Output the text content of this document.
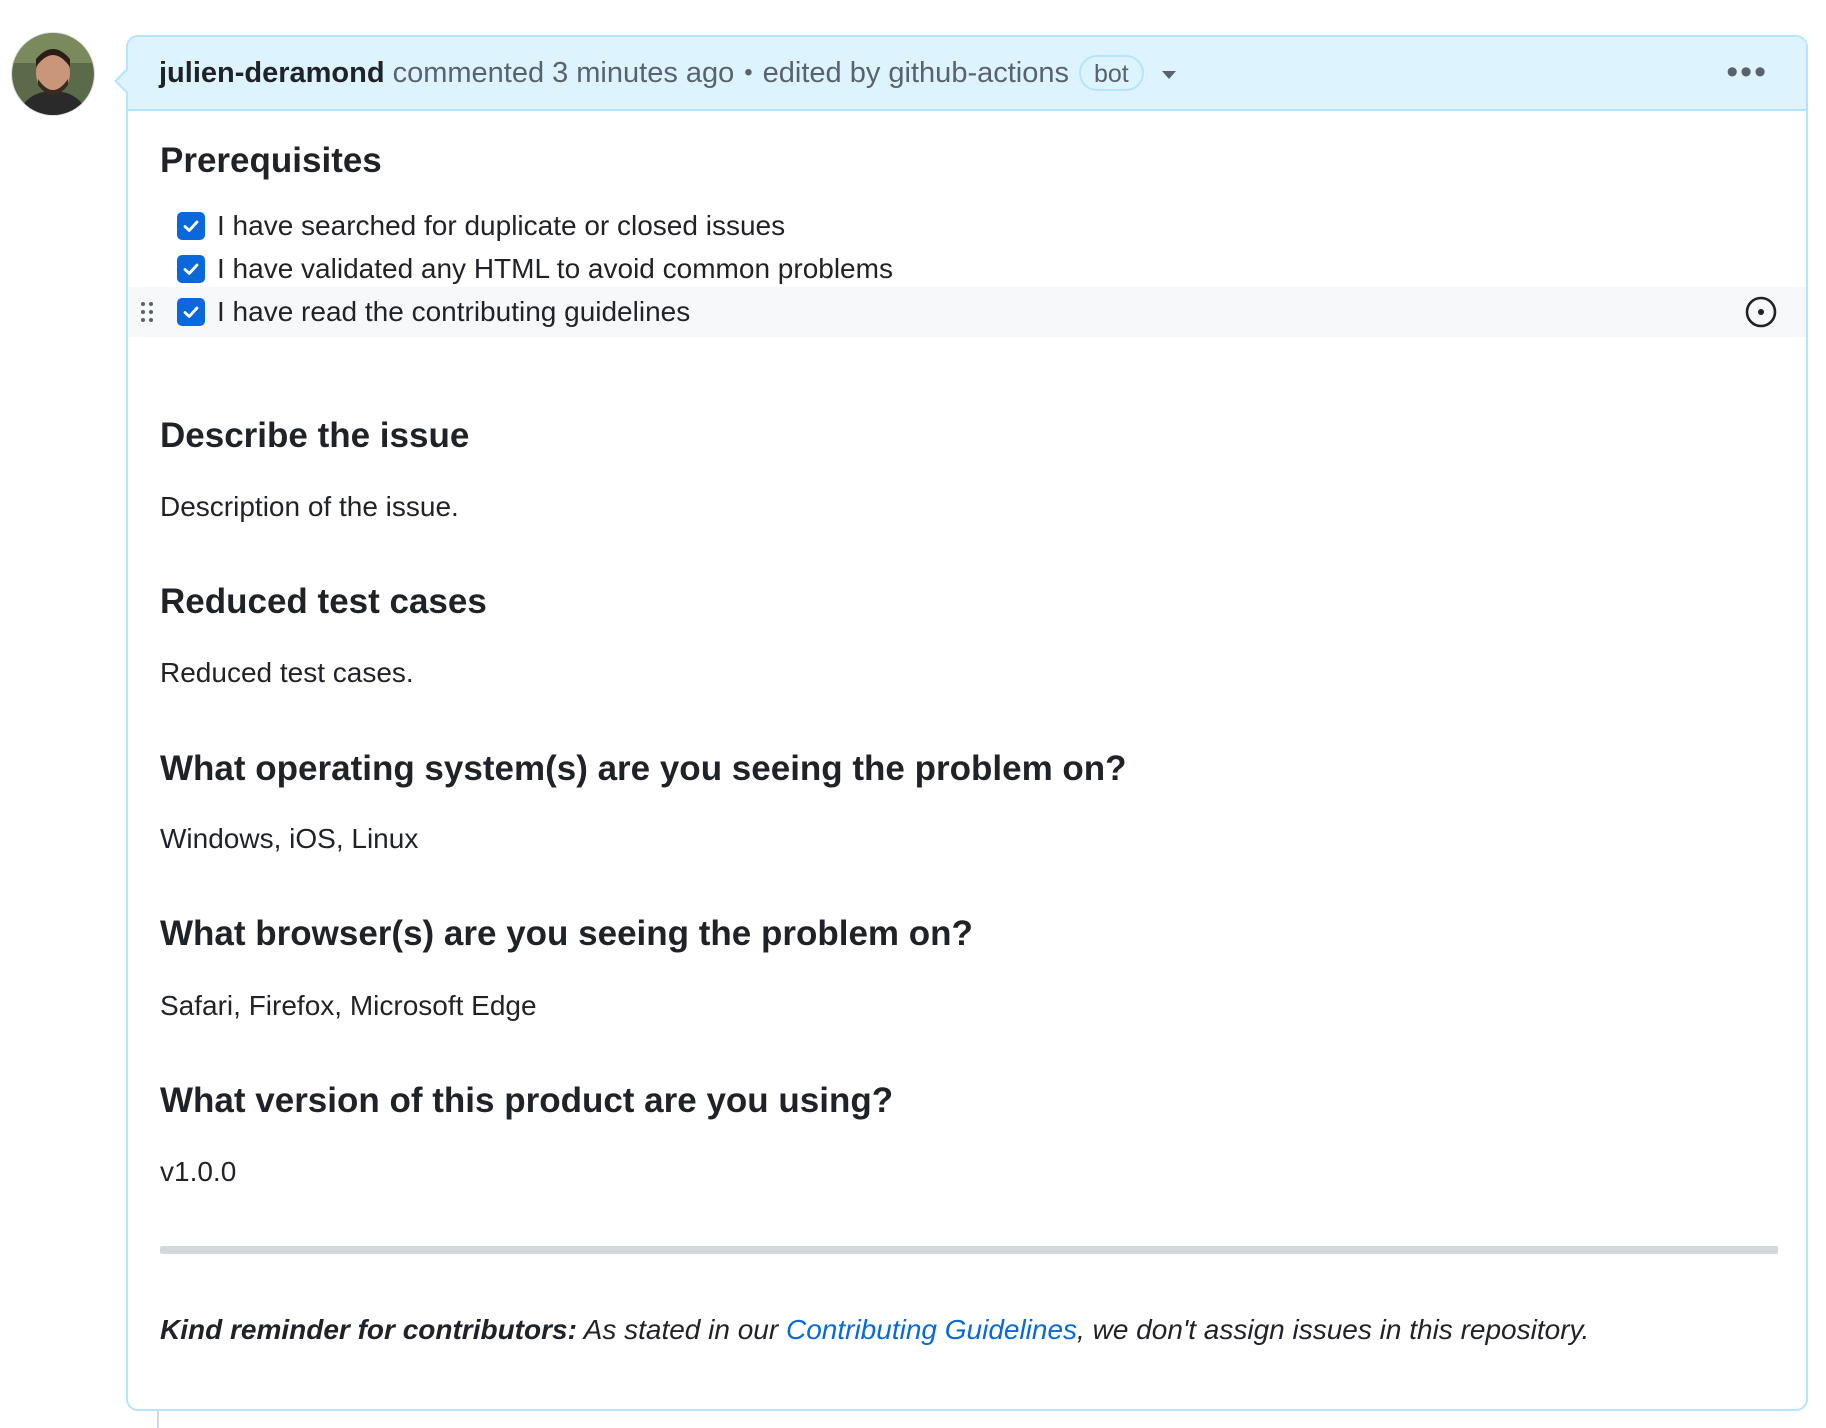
julien-deramond commented 3 minutes ago • edited by github-actions	bot	•••
Prerequisites
I have searched for duplicate or closed issues
I have validated any HTML to avoid common problems
I have read the contributing guidelines
Describe the issue

Description of the issue.

Reduced test cases

Reduced test cases.

What operating system(s) are you seeing the problem on?

Windows, iOS, Linux

What browser(s) are you seeing the problem on?

Safari, Firefox, Microsoft Edge

What version of this product are you using?

v1.0.0

Kind reminder for contributors: As stated in our Contributing Guidelines, we don't assign issues in this repository.
